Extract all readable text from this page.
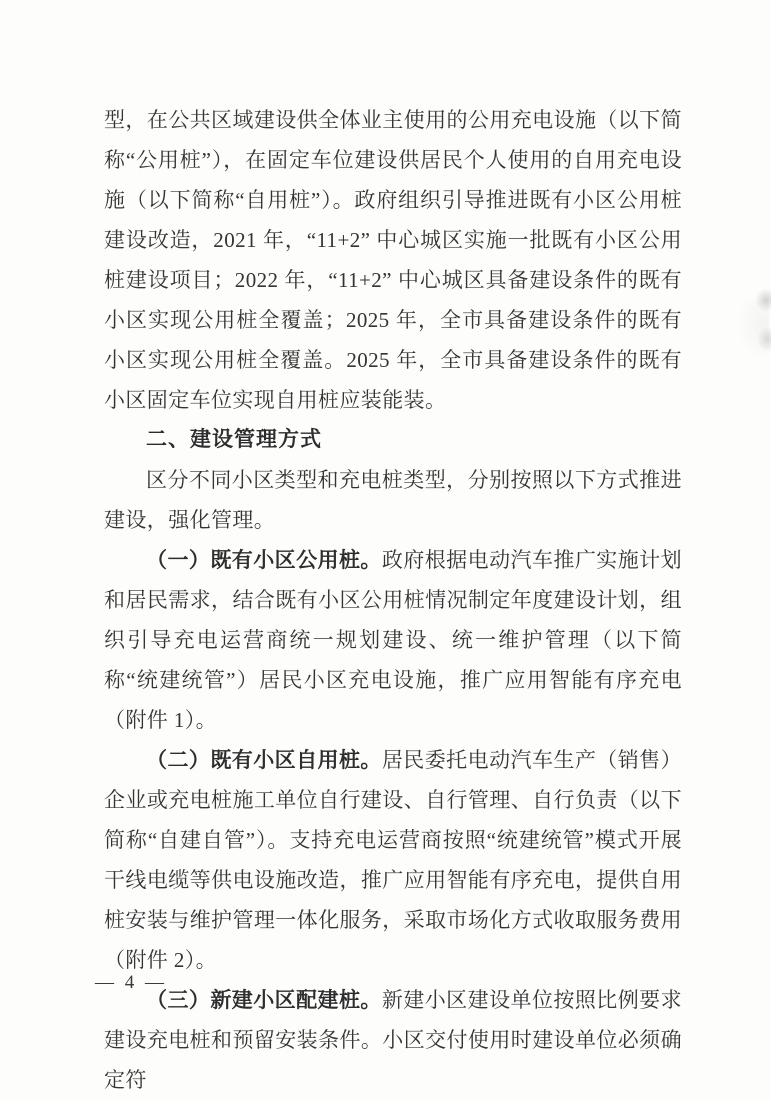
型，在公共区域建设供全体业主使用的公用充电设施（以下简称“公用桩”），在固定车位建设供居民个人使用的自用充电设施（以下简称“自用桩”）。政府组织引导推进既有小区公用桩建设改造，2021 年，“11+2” 中心城区实施一批既有小区公用桩建设项目；2022 年，“11+2” 中心城区具备建设条件的既有小区实现公用桩全覆盖；2025 年，全市具备建设条件的既有小区实现公用桩全覆盖。2025 年，全市具备建设条件的既有小区固定车位实现自用桩应装能装。

二、建设管理方式

区分不同小区类型和充电桩类型，分别按照以下方式推进建设，强化管理。

（一）既有小区公用桩。政府根据电动汽车推广实施计划和居民需求，结合既有小区公用桩情况制定年度建设计划，组织引导充电运营商统一规划建设、统一维护管理（以下简称“统建统管”）居民小区充电设施，推广应用智能有序充电（附件 1）。

（二）既有小区自用桩。居民委托电动汽车生产（销售）企业或充电桩施工单位自行建设、自行管理、自行负责（以下简称“自建自管”）。支持充电运营商按照“统建统管”模式开展干线电缆等供电设施改造，推广应用智能有序充电，提供自用桩安装与维护管理一体化服务，采取市场化方式收取服务费用（附件 2）。

（三）新建小区配建桩。新建小区建设单位按照比例要求建设充电桩和预留安装条件。小区交付使用时建设单位必须确定符

— 4 —
